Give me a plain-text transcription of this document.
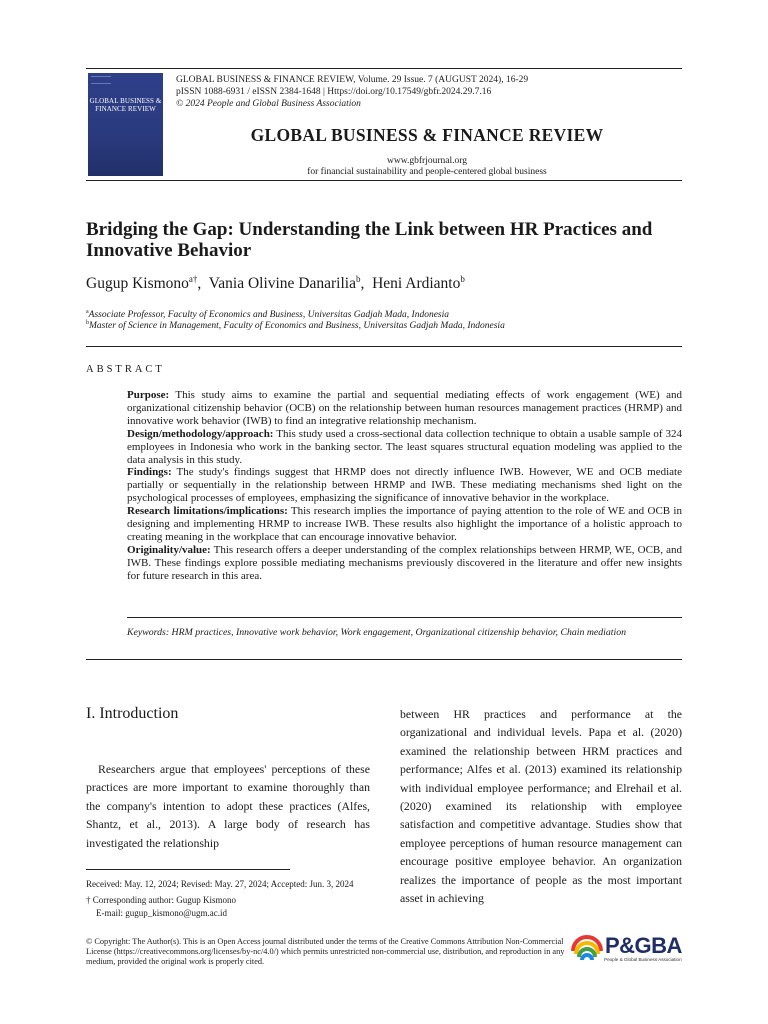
GLOBAL BUSINESS & FINANCE REVIEW
GLOBAL BUSINESS & FINANCE REVIEW, Volume. 29 Issue. 7 (AUGUST 2024), 16-29
pISSN 1088-6931 / eISSN 2384-1648 | Https://doi.org/10.17549/gbfr.2024.29.7.16
© 2024 People and Global Business Association
GLOBAL BUSINESS & FINANCE REVIEW
www.gbfrjournal.org
for financial sustainability and people-centered global business
Bridging the Gap: Understanding the Link between HR Practices and Innovative Behavior
Gugup Kismono$^{a\dagger}$,  Vania Olivine Danarilia$^b$,  Heni Ardianto$^b$
$^a$Associate Professor, Faculty of Economics and Business, Universitas Gadjah Mada, Indonesia
$^b$Master of Science in Management, Faculty of Economics and Business, Universitas Gadjah Mada, Indonesia
ABSTRACT
Purpose: This study aims to examine the partial and sequential mediating effects of work engagement (WE) and organizational citizenship behavior (OCB) on the relationship between human resources management practices (HRMP) and innovative work behavior (IWB) to find an integrative relationship mechanism.
Design/methodology/approach: This study used a cross-sectional data collection technique to obtain a usable sample of 324 employees in Indonesia who work in the banking sector. The least squares structural equation modeling was applied to the data analysis in this study.
Findings: The study's findings suggest that HRMP does not directly influence IWB. However, WE and OCB mediate partially or sequentially in the relationship between HRMP and IWB. These mediating mechanisms shed light on the psychological processes of employees, emphasizing the significance of innovative behavior in the workplace.
Research limitations/implications: This research implies the importance of paying attention to the role of WE and OCB in designing and implementing HRMP to increase IWB. These results also highlight the importance of a holistic approach to creating meaning in the workplace that can encourage innovative behavior.
Originality/value: This research offers a deeper understanding of the complex relationships between HRMP, WE, OCB, and IWB. These findings explore possible mediating mechanisms previously discovered in the literature and offer new insights for future research in this area.
Keywords: HRM practices, Innovative work behavior, Work engagement, Organizational citizenship behavior, Chain mediation
I. Introduction
Researchers argue that employees' perceptions of these practices are more important to examine thoroughly than the company's intention to adopt these practices (Alfes, Shantz, et al., 2013). A large body of research has investigated the relationship
between HR practices and performance at the organizational and individual levels. Papa et al. (2020) examined the relationship between HRM practices and performance; Alfes et al. (2013) examined its relationship with individual employee performance; and Elrehail et al. (2020) examined its relationship with employee satisfaction and competitive advantage. Studies show that employee perceptions of human resource management can encourage positive employee behavior. An organization realizes the importance of people as the most important asset in achieving
Received: May. 12, 2024; Revised: May. 27, 2024; Accepted: Jun. 3, 2024
† Corresponding author: Gugup Kismono
E-mail: gugup_kismono@ugm.ac.id
© Copyright: The Author(s). This is an Open Access journal distributed under the terms of the Creative Commons Attribution Non-Commercial License (https://creativecommons.org/licenses/by-nc/4.0/) which permits unrestricted non-commercial use, distribution, and reproduction in any medium, provided the original work is properly cited.
P&GBA
People & Global Business Association
